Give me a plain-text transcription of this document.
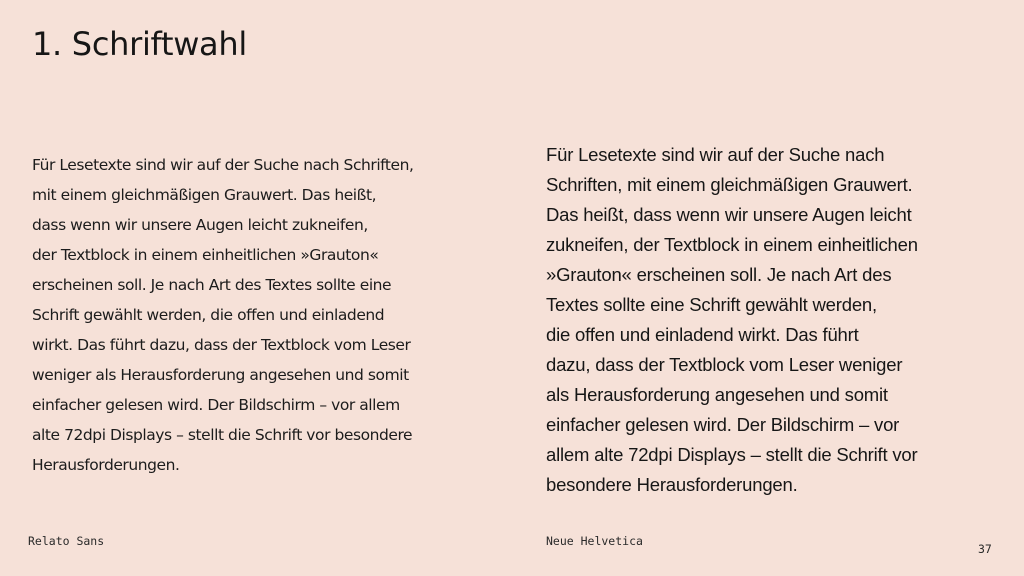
1. Schriftwahl

Für Lesetexte sind wir auf der Suche nach Schriften,
mit einem gleichmäßigen Grauwert. Das heißt,
dass wenn wir unsere Augen leicht zukneifen,
der Textblock in einem einheitlichen »Grauton«
erscheinen soll. Je nach Art des Textes sollte eine
Schrift gewählt werden, die offen und einladend
wirkt. Das führt dazu, dass der Textblock vom Leser
weniger als Herausforderung angesehen und somit
einfacher gelesen wird. Der Bildschirm – vor allem
alte 72dpi Displays – stellt die Schrift vor besondere
Herausforderungen.

Für Lesetexte sind wir auf der Suche nach
Schriften, mit einem gleichmäßigen Grauwert.
Das heißt, dass wenn wir unsere Augen leicht
zukneifen, der Textblock in einem einheitlichen
»Grauton« erscheinen soll. Je nach Art des
Textes sollte eine Schrift gewählt werden,
die offen und einladend wirkt. Das führt
dazu, dass der Textblock vom Leser weniger
als Herausforderung angesehen und somit
einfacher gelesen wird. Der Bildschirm – vor
allem alte 72dpi Displays – stellt die Schrift vor
besondere Herausforderungen.

Relato Sans	Neue Helvetica

37
